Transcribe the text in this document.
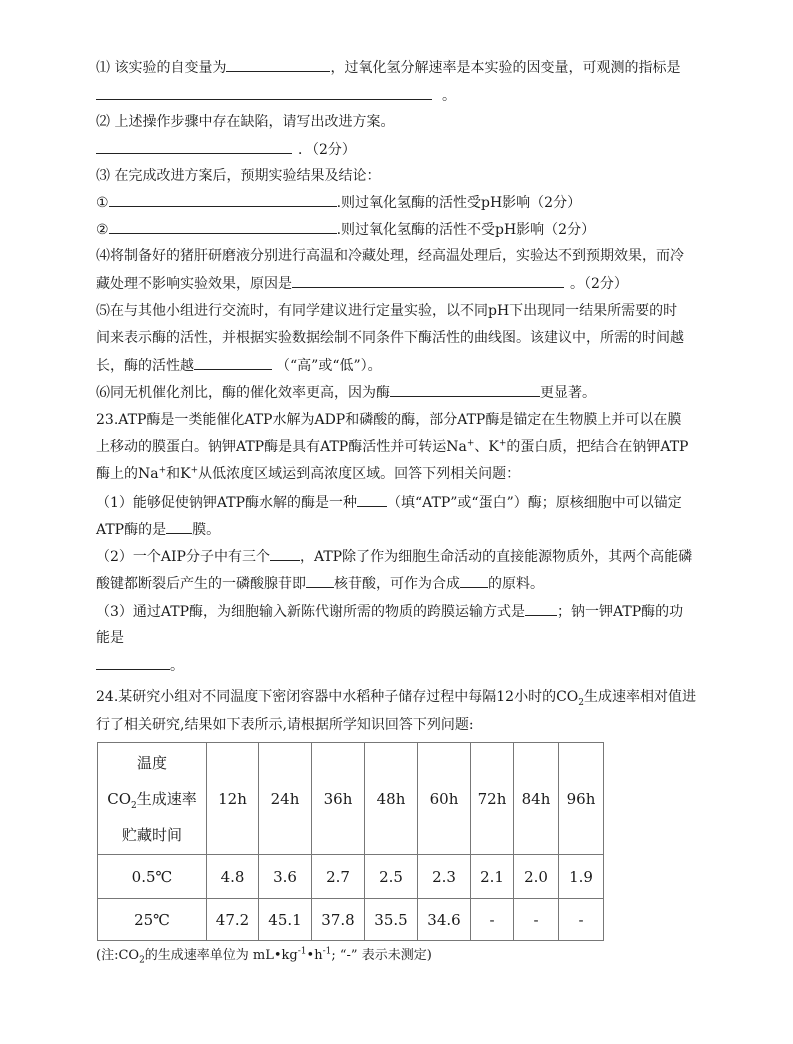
⑴ 该实验的自变量为	，过氧化氢分解速率是本实验的因变量，可观测的指标是
。
⑵ 上述操作步骤中存在缺陷，请写出改进方案。
．（2分）
⑶ 在完成改进方案后，预期实验结果及结论：
①	.则过氧化氢酶的活性受pH影响（2分）
②	.则过氧化氢酶的活性不受pH影响（2分）
⑷将制备好的猪肝研磨液分别进行高温和冷藏处理，经高温处理后，实验达不到预期效果，而冷
藏处理不影响实验效果，原因是	。（2分）
⑸在与其他小组进行交流时，有同学建议进行定量实验，以不同pH下出现同一结果所需要的时
间来表示酶的活性，并根据实验数据绘制不同条件下酶活性的曲线图。该建议中，所需的时间越
长，酶的活性越	（“高”或“低”）。
⑹同无机催化剂比，酶的催化效率更高，因为酶	更显著。
23.ATP酶是一类能催化ATP水解为ADP和磷酸的酶，部分ATP酶是锚定在生物膜上并可以在膜
上移动的膜蛋白。钠钾ATP酶是具有ATP酶活性并可转运Na+、K+的蛋白质，把结合在钠钾ATP
酶上的Na+和K+从低浓度区域运到高浓度区域。回答下列相关问题：
（1）能够促使钠钾ATP酶水解的酶是一种 （填“ATP”或“蛋白”）酶；原核细胞中可以锚定
ATP酶的是 膜。
（2）一个AIP分子中有三个 ，ATP除了作为细胞生命活动的直接能源物质外，其两个高能磷
酸键都断裂后产生的一磷酸腺苷即 核苷酸，可作为合成 的原料。
（3）通过ATP酶，为细胞输入新陈代谢所需的物质的跨膜运输方式是 ；钠一钾ATP酶的功
能是
。
24.某研究小组对不同温度下密闭容器中水稻种子储存过程中每隔12小时的$CO_2$生成速率相对值进
行了相关研究,结果如下表所示,请根据所学知识回答下列问题:
温度
$CO_2$生成速率
贮藏时间	12h	24h	36h	48h	60h	72h	84h	96h
0.5℃	4.8	3.6	2.7	2.5	2.3	2.1	2.0	1.9
25℃	47.2	45.1	37.8	35.5	34.6	-	-	-
(注$:CO_2$的生成速率单位为 $mL•kg^{-1}•h^{-1}$; “-” 表示未测定)
